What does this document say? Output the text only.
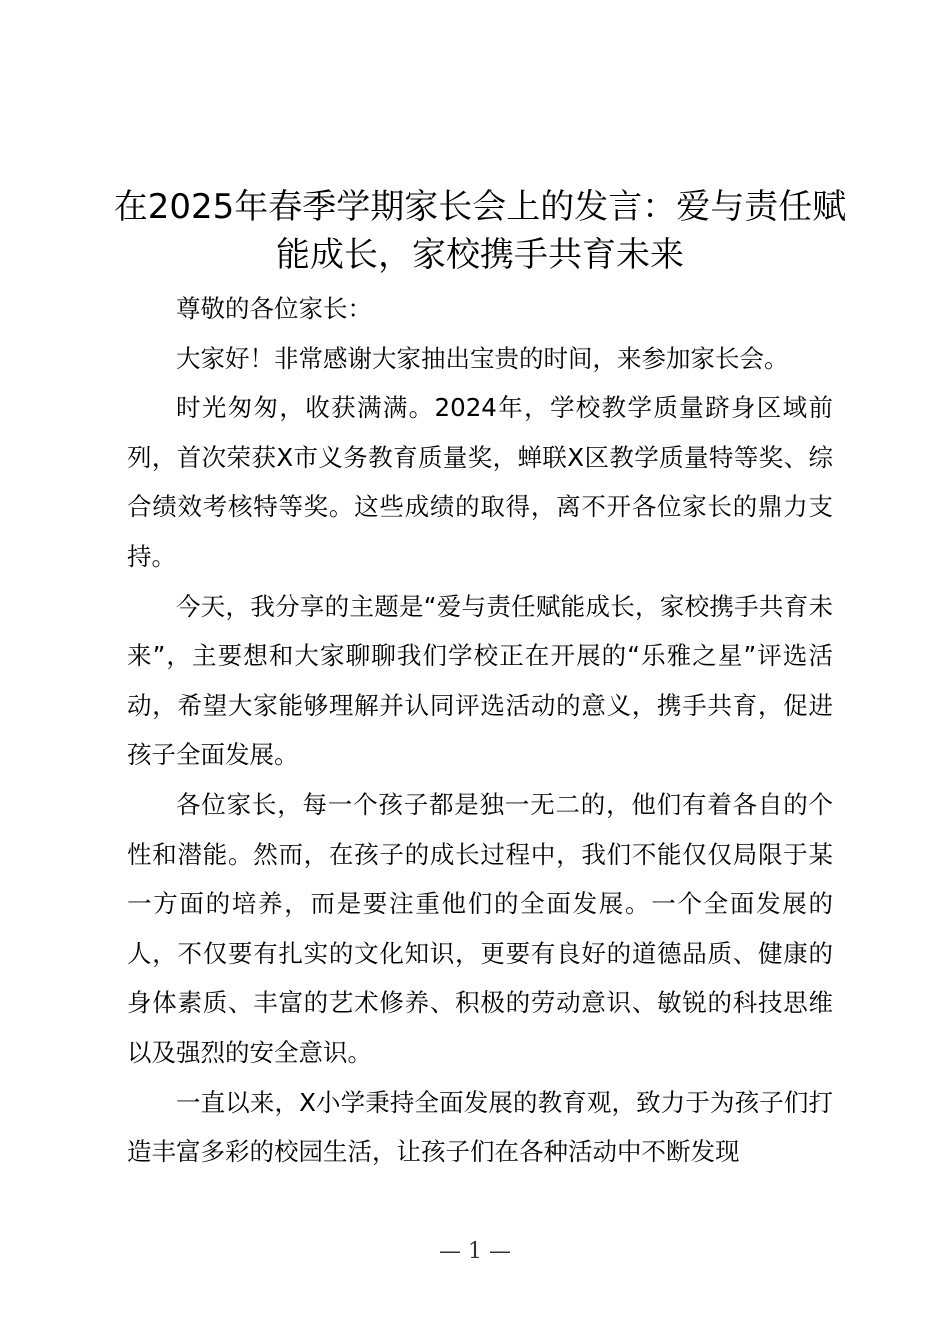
在2025年春季学期家长会上的发言：爱与责任赋能成长，家校携手共育未来

尊敬的各位家长：

大家好！非常感谢大家抽出宝贵的时间，来参加家长会。

时光匆匆，收获满满。2024年，学校教学质量跻身区域前列，首次荣获X市义务教育质量奖，蝉联X区教学质量特等奖、综合绩效考核特等奖。这些成绩的取得，离不开各位家长的鼎力支持。

今天，我分享的主题是“爱与责任赋能成长，家校携手共育未来”，主要想和大家聊聊我们学校正在开展的“乐雅之星”评选活动，希望大家能够理解并认同评选活动的意义，携手共育，促进孩子全面发展。

各位家长，每一个孩子都是独一无二的，他们有着各自的个性和潜能。然而，在孩子的成长过程中，我们不能仅仅局限于某一方面的培养，而是要注重他们的全面发展。一个全面发展的人，不仅要有扎实的文化知识，更要有良好的道德品质、健康的身体素质、丰富的艺术修养、积极的劳动意识、敏锐的科技思维以及强烈的安全意识。

一直以来，X小学秉持全面发展的教育观，致力于为孩子们打造丰富多彩的校园生活，让孩子们在各种活动中不断发现

— 1 —
